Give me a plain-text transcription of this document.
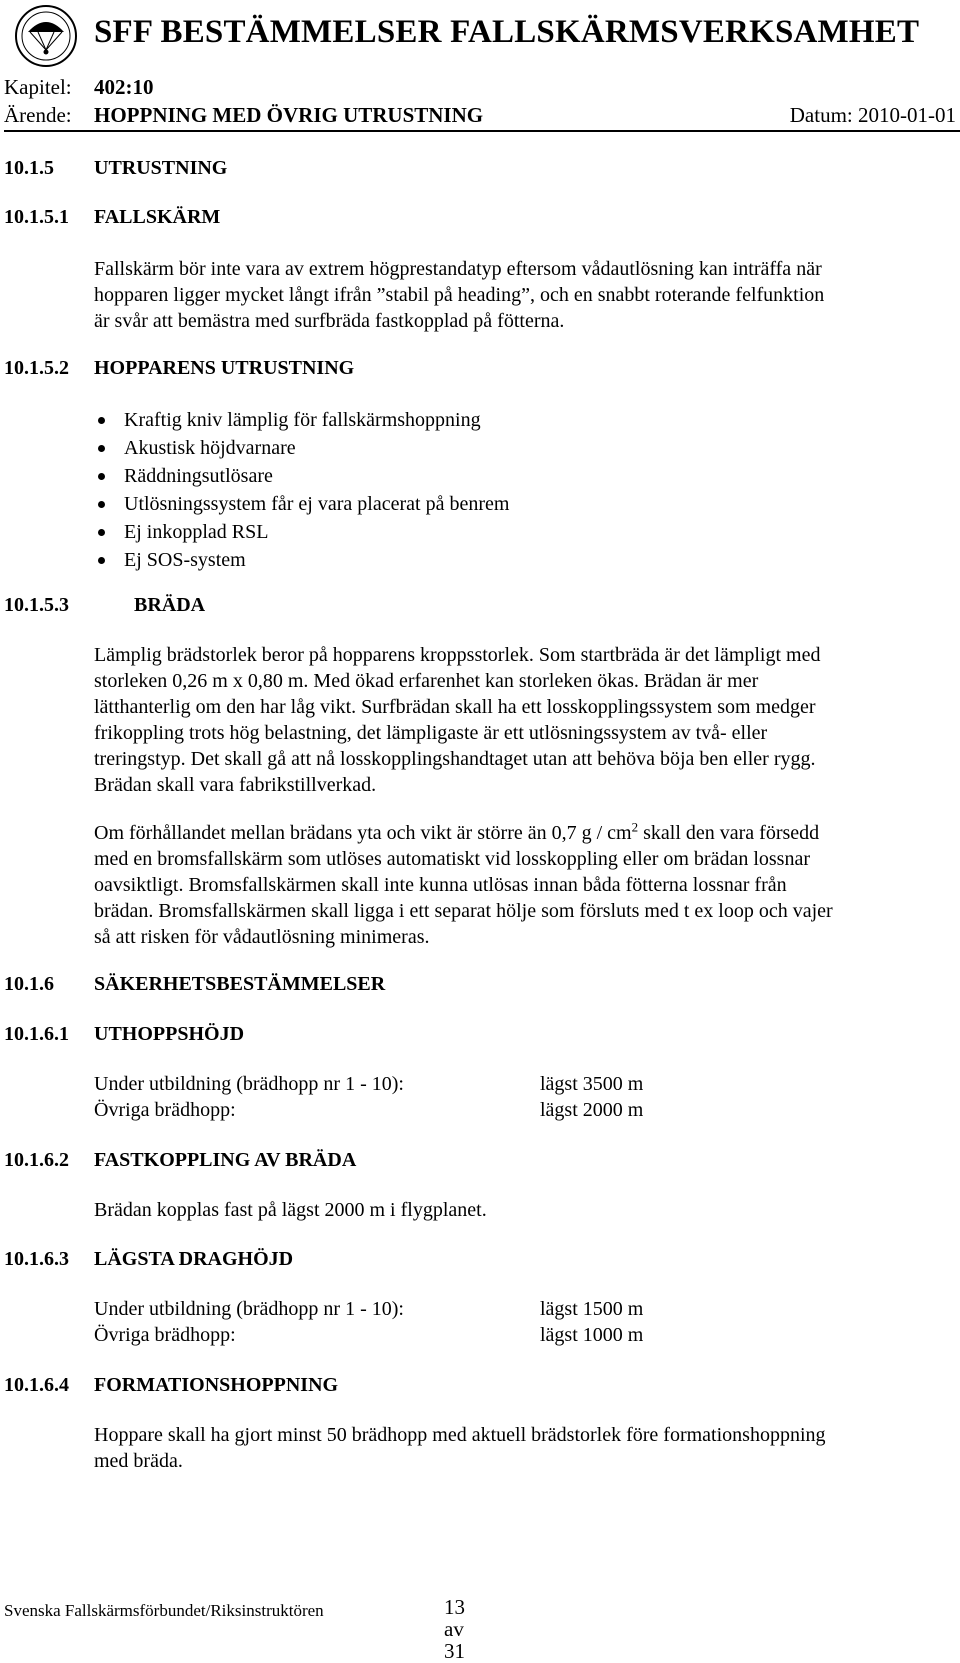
SFF BESTÄMMELSER FALLSKÄRMSVERKSAMHET
Kapitel: 402:10
Ärende: HOPPNING MED ÖVRIG UTRUSTNING	Datum: 2010-01-01
10.1.5 UTRUSTNING
10.1.5.1 FALLSKÄRM
Fallskärm bör inte vara av extrem högprestandatyp eftersom vådautlösning kan inträffa när
hopparen ligger mycket långt ifrån ”stabil på heading”, och en snabbt roterande felfunktion
är svår att bemästra med surfbräda fastkopplad på fötterna.
10.1.5.2 HOPPARENS UTRUSTNING
Kraftig kniv lämplig för fallskärmshoppning
Akustisk höjdvarnare
Räddningsutlösare
Utlösningssystem får ej vara placerat på benrem
Ej inkopplad RSL
Ej SOS-system
10.1.5.3	BRÄDA
Lämplig brädstorlek beror på hopparens kroppsstorlek. Som startbräda är det lämpligt med
storleken 0,26 m x 0,80 m. Med ökad erfarenhet kan storleken ökas. Brädan är mer
lätthanterlig om den har låg vikt. Surfbrädan skall ha ett losskopplingssystem som medger
frikoppling trots hög belastning, det lämpligaste är ett utlösningssystem av två- eller
treringstyp. Det skall gå att nå losskopplingshandtaget utan att behöva böja ben eller rygg.
Brädan skall vara fabrikstillverkad.
Om förhållandet mellan brädans yta och vikt är större än 0,7 g / $cm^2$ skall den vara försedd
med en bromsfallskärm som utlöses automatiskt vid losskoppling eller om brädan lossnar
oavsiktligt. Bromsfallskärmen skall inte kunna utlösas innan båda fötterna lossnar från
brädan. Bromsfallskärmen skall ligga i ett separat hölje som försluts med t ex loop och vajer
så att risken för vådautlösning minimeras.
10.1.6 SÄKERHETSBESTÄMMELSER
10.1.6.1 UTHOPPSHÖJD
Under utbildning (brädhopp nr 1 - 10):	lägst 3500 m
Övriga brädhopp:	lägst 2000 m
10.1.6.2 FASTKOPPLING AV BRÄDA
Brädan kopplas fast på lägst 2000 m i flygplanet.
10.1.6.3 LÄGSTA DRAGHÖJD
Under utbildning (brädhopp nr 1 - 10):	lägst 1500 m
Övriga brädhopp:	lägst 1000 m
10.1.6.4 FORMATIONSHOPPNING
Hoppare skall ha gjort minst 50 brädhopp med aktuell brädstorlek före formationshoppning
med bräda.
Svenska Fallskärmsförbundet/Riksinstruktören	13 av 31
